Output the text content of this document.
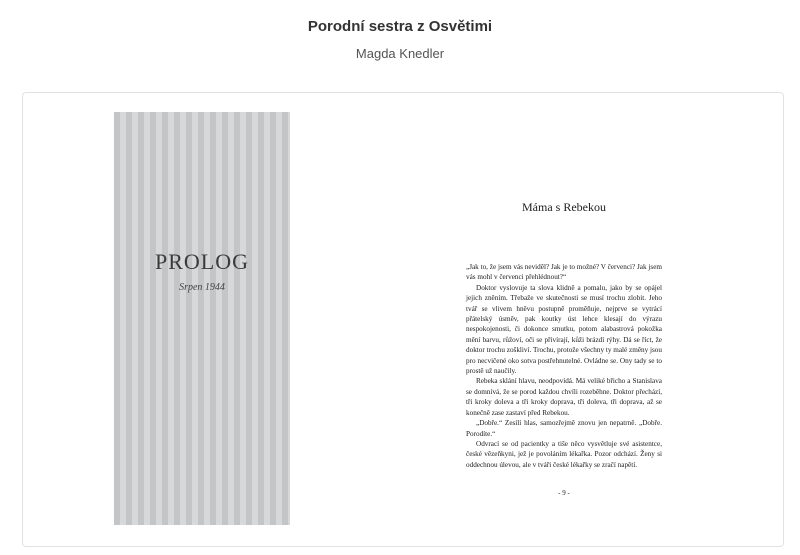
Porodní sestra z Osvětimi
Magda Knedler
PROLOG
Srpen 1944
Máma s Rebekou

„Jak to, že jsem vás neviděl? Jak je to možné? V červenci? Jak jsem vás mohl v červenci přehlédnout?“

Doktor vyslovuje ta slova klidně a pomalu, jako by se opájel jejich zněním. Třebaže ve skutečnosti se musí trochu zlobit. Jeho tvář se vlivem hněvu postupně proměňuje, nejprve se vytrácí přátelský úsměv, pak koutky úst lehce klesají do výrazu nespokojenosti, či dokonce smutku, potom alabastrová pokožka mění barvu, růžoví, oči se přivírají, kůži brázdí rýhy. Dá se říct, že doktor trochu zoškliví. Trochu, protože všechny ty malé změny jsou pro necvičené oko sotva postřehnutelné. Ovládne se. Ony tady se to prostě už naučily.

Rebeka sklání hlavu, neodpovídá. Má veliké břicho a Stanislava se domnívá, že se porod každou chvíli rozeběhne. Doktor přechází, tři kroky doleva a tři kroky doprava, tři doleva, tři doprava, až se konečně zase zastaví před Rebekou.

„Dobře.“ Zesílí hlas, samozřejmě znovu jen nepatrně. „Dobře. Porodíte.“

Odvrací se od pacientky a tiše něco vysvětluje své asistentce, české vězeňkyni, jež je povoláním lékařka. Pozor odchází. Ženy si oddechnou úlevou, ale v tváři české lékařky se zračí napětí.

- 9 -
